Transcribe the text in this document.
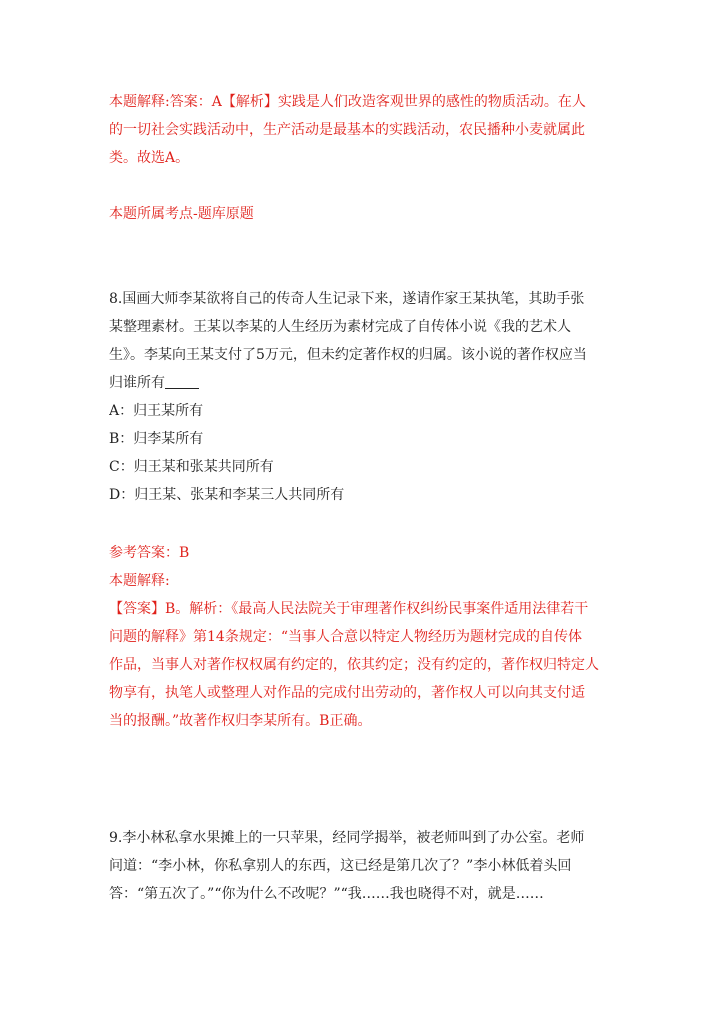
本题解释:答案：A【解析】实践是人们改造客观世界的感性的物质活动。在人
的一切社会实践活动中，生产活动是最基本的实践活动，农民播种小麦就属此
类。故选A。
本题所属考点-题库原题
8.国画大师李某欲将自己的传奇人生记录下来，遂请作家王某执笔，其助手张
某整理素材。王某以李某的人生经历为素材完成了自传体小说《我的艺术人
生》。李某向王某支付了5万元，但未约定著作权的归属。该小说的著作权应当
归谁所有
A：归王某所有
B：归李某所有
C：归王某和张某共同所有
D：归王某、张某和李某三人共同所有
参考答案：B
本题解释:
【答案】B。解析：《最高人民法院关于审理著作权纠纷民事案件适用法律若干
问题的解释》第14条规定：“当事人合意以特定人物经历为题材完成的自传体
作品，当事人对著作权权属有约定的，依其约定；没有约定的，著作权归特定人
物享有，执笔人或整理人对作品的完成付出劳动的，著作权人可以向其支付适
当的报酬。”故著作权归李某所有。B正确。
9.李小林私拿水果摊上的一只苹果，经同学揭举，被老师叫到了办公室。老师
问道：“李小林，你私拿别人的东西，这已经是第几次了？”李小林低着头回
答：“第五次了。”“你为什么不改呢？”“我……我也晓得不对，就是……
